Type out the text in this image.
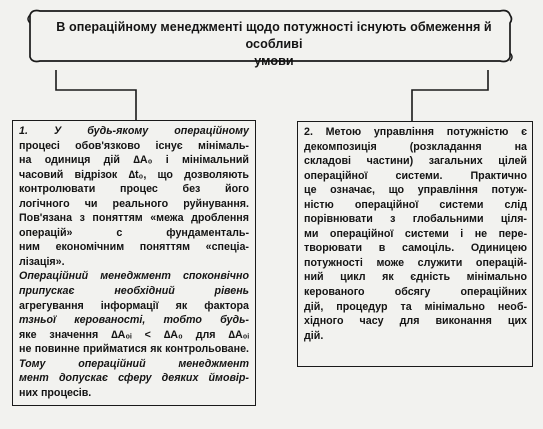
В операційному менеджменті щодо потужності існують обмеження й особливі
умови
1. У будь-якому операційному
процесі обов'язково існує мінімаль-
на одиниця дій ∆A₀ і мінімальний
часовий відрізок ∆t₀, що дозволяють
контролювати процес без його
логічного чи реального руйнування.
Пов'язана з поняттям «межа дроблення
операцій» с фундаменталь-
ним економічним поняттям «спеціа-
лізація».
Операційний менеджмент споконвічно
припускає необхідний рівень
агрегування інформації як фактора
тзньої керованості, тобто будь-
яке значення ∆A₀ᵢ < ∆A₀ для ∆A₀ᵢ
не повинне прийматися як контрольоване.
Тому операційний менеджмент
мент допускає сферу деяких ймовір-
них процесів.
2. Метою управління потужністю є
декомпозиція (розкладання на
складові частини) загальних цілей
операційної системи. Практично
це означає, що управління потуж-
ністю операційної системи слід
порівнювати з глобальними ціля-
ми операційної системи і не пере-
творювати в самоціль. Одиницею
потужності може служити операцій-
ний цикл як єдність мінімально
керованого обсягу операційних
дій, процедур та мінімально необ-
хідного часу для виконання цих
дій.
